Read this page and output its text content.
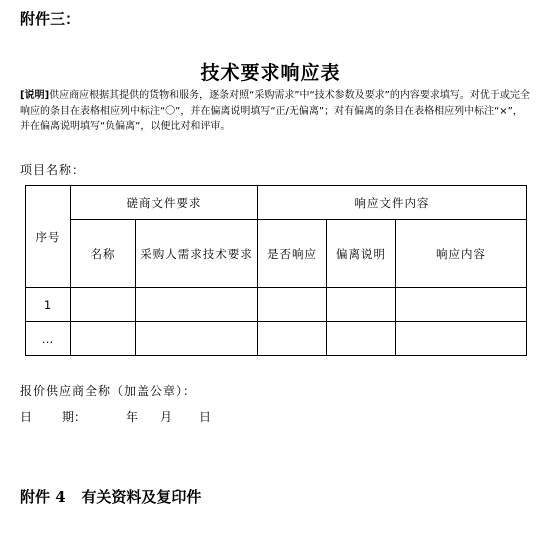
附件三：
技术要求响应表
[说明]供应商应根据其提供的货物和服务，逐条对照“采购需求”中“技术参数及要求”的内容要求填写。对优于或完全响应的条目在表格相应列中标注“〇”，并在偏离说明填写“正/无偏离”；对有偏离的条目在表格相应列中标注“×”，并在偏离说明填写“负偏离”，以便比对和评审。
项目名称：
序号	磋商文件要求		响应文件内容		
	名称	采购人需求技术要求	是否响应	偏离说明	响应内容
1					
…					
报价供应商全称（加盖公章）：
日 期：	年 月 日
附件 4   有关资料及复印件
